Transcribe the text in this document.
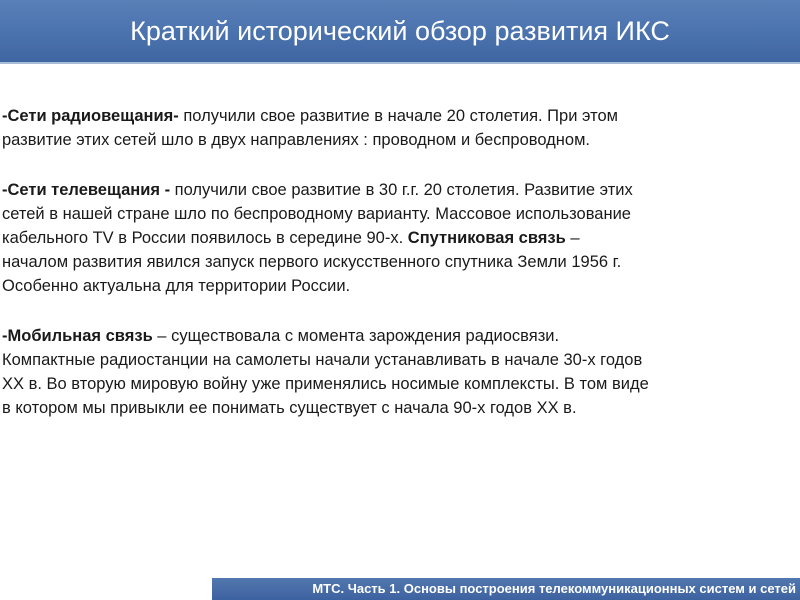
Краткий исторический обзор развития ИКС
-Сети радиовещания- получили свое развитие в начале 20 столетия. При этом
развитие этих сетей шло в двух направлениях : проводном и беспроводном.
-Сети телевещания - получили свое развитие в 30 г.г. 20 столетия. Развитие этих
сетей в нашей стране шло по беспроводному варианту. Массовое использование
кабельного TV в России появилось в середине 90-х. Спутниковая связь –
началом развития явился запуск первого искусственного спутника Земли 1956 г.
Особенно актуальна для территории России.
-Мобильная связь – существовала с момента зарождения радиосвязи.
Компактные радиостанции на самолеты начали устанавливать в начале 30-х годов
XX в. Во вторую мировую войну уже применялись носимые комплексты. В том виде
в котором мы привыкли ее понимать существует с начала 90-х годов XX в.
МТС. Часть 1. Основы построения телекоммуникационных систем и сетей
